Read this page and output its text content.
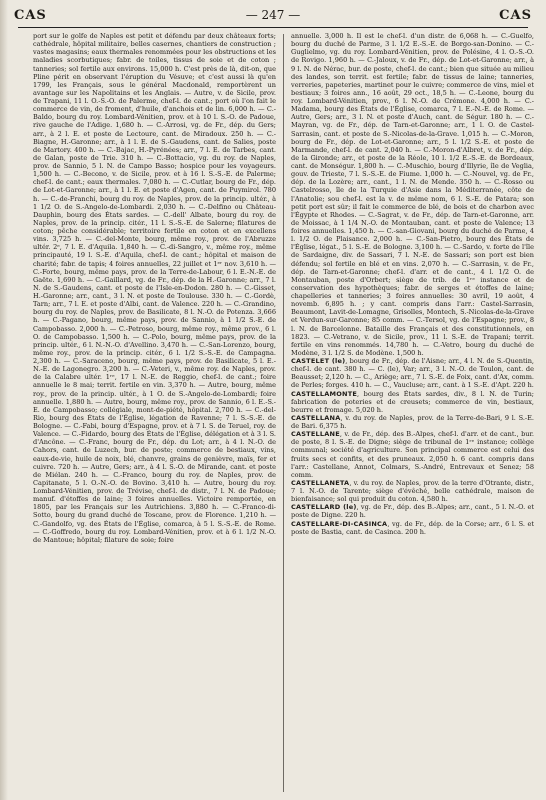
CAS	— 247 —	CAS

port sur le golfe de Naples est petit et défendu par deux châteaux forts; cathédrale, hôpital militaire, belles casernes, chantiers de construction ; vastes magasins; eaux thermales renommées pour les obstructions et les maladies scorbutiques; fabr. de toiles, tissus de soie et de coton ; tanneries; sol fertile aux environs. 15,000 h. C'est près de là, dit-on, que Pline périt en observant l'éruption du Vésuve; et c'est aussi là qu'en 1799, les Français, sous le général Macdonald, remportèrent un avantage sur les Napolitains et les Anglais. — Autre, v. de Sicile, prov. de Trapani, 11 l. O.-S.-O. de Palerme, chef-l. de cant.; port où l'on fait le commerce de vin, de froment, d'huile, d'anchois et de lin. 6,000 h. — C.-Baldo, bourg du roy. Lombard-Vénitien, prov. et à 10 l. S.-O. de Padoue, rive gauche de l'Adige. 1,680 h. — C.-Arrosi, vg. de Fr., dép. du Gers; arr., à 2 l. E. et poste de Lectoure, cant. de Miradoux. 250 h. — C.-Biagne, H.-Garonne; arr., à 1 l. E. de S.-Gaudens, cant. de Salies, poste de Martory. 400 h. — C.-Bajac, H.-Pyrénées; arr., 7 l. E. de Tarbes, cant. de Galan, poste de Trie. 310 h. — C.-Bottacio, vg. du roy. de Naples, prov. de Sannio, 5 l. N. de Campo Basso; hospice pour les voyageurs. 1,500 h. — C.-Becono, v. de Sicile, prov. et à 16 l. S.-S.-E. de Palerme; chef-l. de cant.; eaux thermales. 7,080 h. — C.-Cutlar, bourg de Fr., dép. de Lot-et-Garonne; arr., à 1 l. E. et poste d'Agen, cant. de Puymirol. 780 h. — C.-de-Franchi, bourg du roy. de Naples, prov. de la princip. ultér., à 1 1/2 O. de S.-Angelo-de-Lombardi. 2,030 h. — C.-Delfino ou Château-Dauphin, bourg des États sardes. — C.-dell' Albate, bourg du roy. de Naples, prov. de la princip. citér., 11 l. S.-S.-E. de Salerne; filatures de coton; pêche considérable; territoire fertile en coton et en excellens vins. 3,725 h. — C.-del-Monte, bourg, même roy., prov. de l'Abruzze ultér. 2ᵉ, 7 l. E. d'Aquila. 1,840 h. — C.-di-Sangro, v., même roy., même principauté, 19 l. S.-E. d'Aquila, chef-l. de cant.; hôpital et maison de charité; fabr. de tapis; 4 foires annuelles, 22 juillet et 1ᵉʳ nov. 3,610 h. — C.-Forte, bourg, même pays, prov. de la Terre-de-Labour, 6 l. E.-N.-E. de Gaëte. 1,690 h. — C.-Gaillard, vg. de Fr., dép. de la H.-Garonne; arr., 7 l. N. de S.-Gaudens, cant. et poste de l'Isle-en-Dodon. 280 h. — C.-Gisset, H.-Garonne; arr., cant., 3 l. N. et poste de Toulouse. 330 h. — C.-Gordè, Tarn; arr., 7 l. E. et poste d'Albi, cant. de Valence. 220 h. — C.-Grandino, bourg du roy. de Naples, prov. de Basilicate, 8 l. N.-O. de Potenza. 3,666 h. — C.-Pagano, bourg, même pays, prov. de Sannio, à 1 1/2 S.-E. de Campobasso. 2,000 h. — C.-Petroso, bourg, même roy., même prov., 6 l. O. de Campobasso. 1,500 h. — C.-Polo, bourg, même pays, prov. de la princip. ultér., 6 l. N.-N.-O. d'Avellino. 3,470 h. — C.-San-Lorenzo, bourg, même roy., prov. de la princip. citér., 6 l. 1/2 S.-S.-E. de Campagna. 2,300 h. — C.-Saraceno, bourg, même pays, prov. de Basilicate, 5 l. E.-N.-E. de Lagonegro. 3,200 h. — C.-Veteri, v., même roy. de Naples, prov. de la Calabre ultér. 1ʳᵉ, 17 l. N.-E. de Reggio, chef-l. de cant.; foire annuelle le 8 mai; territ. fertile en vin. 3,370 h. — Autre, bourg, même roy., prov. de la princip. ultér., à 1 O. de S.-Angelo-de-Lombardi; foire annuelle. 1,880 h. — Autre, bourg, même roy., prov. de Sannio, 6 l. E.-S.-E. de Campobasso; collégiale, mont-de-piété, hôpital. 2,700 h. — C.-del-Rio, bourg des États de l'Église, légation de Ravenne; 7 l. S.-S.-E. de Bologne. — C.-Fabi, bourg d'Espagne, prov. et à 7 l. S. de Teruel, roy. de Valence. — C.-Fidardo, bourg des États de l'Église, délégation et à 3 l. S. d'Ancône. — C.-Franc, bourg de Fr., dép. du Lot; arr., à 4 l. N.-O. de Cahors, cant. de Luzech, bur. de poste; commerce de bestiaux, vins, eaux-de-vie, huile de noix, blé, chanvre, grains de genièvre, maïs, fer et cuivre. 720 h. — Autre, Gers; arr., à 4 l. S.-O. de Mirande, cant. et poste de Miélan. 240 h. — C.-Franco, bourg du roy. de Naples, prov. de Capitanate, 5 l. O.-N.-O. de Bovino. 3,410 h. — Autre, bourg du roy. Lombard-Vénitien, prov. de Trévise, chef-l. de distr., 7 l. N. de Padoue; manuf. d'étoffes de laine; 3 foires annuelles. Victoire remportée, en 1805, par les Français sur les Autrichiens. 3,880 h. — C.-Franco-di-Sotto, bourg du grand duché de Toscane, prov. de Florence. 1,210 h. — C.-Gandolfo, vg. des États de l'Église, comarca, à 5 l. S.-S.-E. de Rome. — C.-Goffredo, bourg du roy. Lombard-Vénitien, prov. et à 6 l. 1/2 N.-O. de Mantoue; hôpital; filature de soie; foire

annuelle. 3,000 h. Il est le chef-l. d'un distr. de 6,068 h. — C.-Guelfo, bourg du duché de Parme, 3 l. 1/2 E.-S.-E. de Borgo-san-Donino. — C.-Guglielmo, vg. du roy. Lombard-Vénitien, prov. de Polésine, 4 l. O.-S.-O. de Rovigo. 1,960 h. — C.-Jaloux, v. de Fr., dép. de Lot-et-Garonne; arr., à 9 l. N. de Nérac, bur. de poste, chef-l. de cant.; bien que située au milieu des landes, son territ. est fertile; fabr. de tissus de laine; tanneries, verreries, papeteries, martinet pour le cuivre; commerce de vins, miel et bestiaux; 3 foires ann., 16 août, 29 oct., 18,5 h. — C.-Leone, bourg du roy. Lombard-Vénitien, prov., 6 l. N.-O. de Crémone. 4,000 h. — C.-Madama, bourg des États de l'Église, comarca, 7 l. E.-N.-E. de Rome. — Autre, Gers; arr., 3 l. N. et poste d'Auch, cant. de Ségur. 180 h. — C.-Mayran, vg. de Fr., dép. de Tarn-et-Garonne; arr., 1 l. O. de Castel-Sarrasin, cant. et poste de S.-Nicolas-de-la-Grave. 1,015 h. — C.-Moron, bourg de Fr., dép. de Lot-et-Garonne; arr., 5 l. 1/2 S.-E. et poste de Marmande, chef-l. de cant. 2,040 h. — C.-Moron-d'Albret, v. de Fr., dép. de la Gironde; arr., et poste de la Réole, 10 l. 1/2 E.-S.-E. de Bordeaux, cant. de Monségur. 1,800 h. — C.-Muschio, bourg d'Illyrie, île de Veglia, gouv. de Trieste, 7 l. S.-S.-E. de Fiume. 1,000 h. — C.-Nouvel, vg. de Fr., dép. de la Lozère; arr., cant., 1 l. N. de Mende. 350 h. — C.-Rosso ou Castelrosso, île de la Turquie d'Asie dans la Méditerranée, côte de l'Anatolie; sou chef-l. est la v. de même nom, 6 l. S.-E. de Patara; son petit port est sûr; il fait le commerce de blé, de bois et de charbon avec l'Égypte et Rhodes. — C.-Sagrat, v. de Fr., dép. de Tarn-et-Garonne, arr. de Moissac, à 1 1/4 N.-O. de Montauban, cant. et poste de Valence; 13 foires annuelles. 1,450 h. — C.-san-Giovani, bourg du duché de Parme, 4 l. 1/2 O. de Plaisance. 2,000 h. — C.-San-Pietro, bourg des États de l'Église, légat., 5 l. S.-E. de Bologne. 3,100 h. — C.-Sardo, v. forte de l'île de Sardaigne, div. de Sassari, 7 l. N.-E. de Sassari; son port est bien défendu; sol fertile en blé et en vins. 2,070 h. — C.-Sarrasin, v. de Fr., dép. de Tarn-et-Garonne; chef-l. d'arr. et de cant., 4 l. 1/2 O. de Montauban, poste d'Orbert; siège de trib. de 1ʳᵉ instance et de conservation des hypothèques; fabr. de serges et étoffes de laine; chapelleries et tanneries; 3 foires annuelles: 30 avril, 19 août, 4 novemb. 6,895 h. ; y cant. compris dans l'arr.: Castel-Sarrasin, Beaumont, Lavit-de-Lomagne, Grisolles, Montech, S.-Nicolas-de-la-Grave et Verdun-sur-Garonne; 85 comm. — C.-Tersol, vg. de l'Espagne; prov., 8 l. N. de Barcelonne. Bataille des Français et des constitutionnels, en 1823. — C.-Vetrano, v. de Sicile, prov., 11 l. S.-E. de Trapani; territ. fertile en vins renommés. 14,780 h. — C.-Vetro, bourg du duché de Modène, 3 l. 1/2 S. de Modène. 1,500 h.

CASTELET (le), bourg de Fr., dép. de l'Aisne; arr., 4 l. N. de S.-Quentin, chef-l. de cant. 380 h. — C. (le), Var; arr., 3 l. N.-O. de Toulon, cant. de Beausset; 2,120 h. — C., Ariège; arr., 7 l. S.-E. de Foix, cant. d'Ax, comm. de Perles; forges. 410 h. — C., Vaucluse; arr., cant. à 1 S.-E. d'Apt. 220 h.

CASTELLAMONTE, bourg des États sardes, div., 8 l. N. de Turin; fabrication de poteries et de creusets; commerce de vin, bestiaux, beurre et fromage. 5,020 h.

CASTELLANA, v. du roy. de Naples, prov. de la Terre-de-Bari, 9 l. S.-E. de Bari. 6,375 h.

CASTELLANE, v. de Fr., dép. des B.-Alpes, chef-l. d'arr. et de cant., bur. de poste, 8 l. S.-E. de Digne; siège de tribunal de 1ʳᵉ instance; collège communal; société d'agriculture. Son principal commerce est celui des fruits secs et confits, et des pruneaux. 2,050 h. 6 cant. compris dans l'arr.: Castellane, Annot, Colmars, S.-André, Entrevaux et Senez; 58 comm.

CASTELLANETA, v. du roy. de Naples, prov. de la terre d'Otrante, distr., 7 l. N.-O. de Tarente; siège d'évêché, belle cathédrale, maison de bienfaisance; sol qui produit du coton. 4,580 h.

CASTELLARD (le), vg. de Fr., dép. des B.-Alpes; arr., cant., 5 l. N.-O. et poste de Digne. 220 h.

CASTELLARE-DI-CASINCA, vg. de Fr., dép. de la Corse; arr., 6 l. S. et poste de Bastia, cant. de Casinca. 200 h.
